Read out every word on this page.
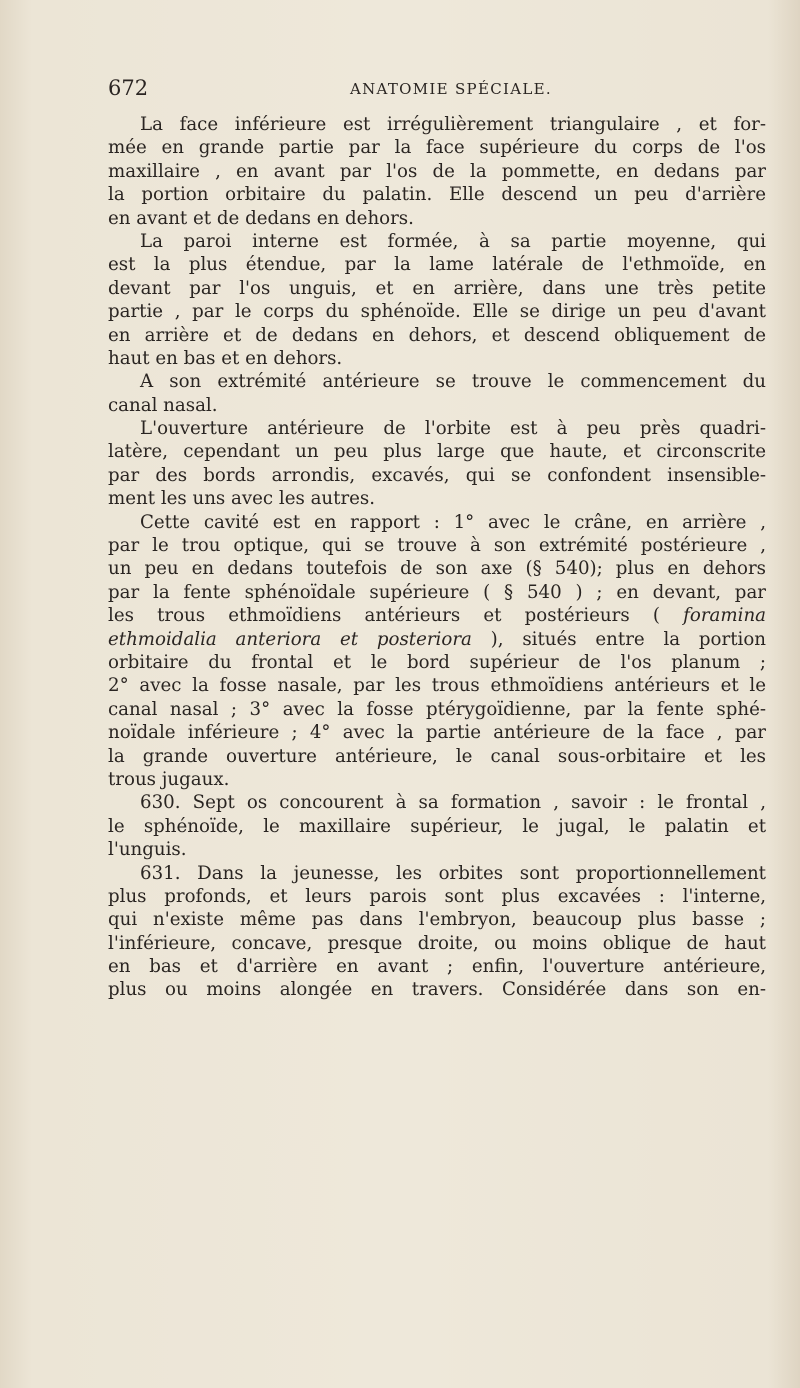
672	ANATOMIE SPÉCIALE.
La face inférieure est irrégulièrement triangulaire , et for-
mée en grande partie par la face supérieure du corps de l'os
maxillaire , en avant par l'os de la pommette, en dedans par
la portion orbitaire du palatin. Elle descend un peu d'arrière
en avant et de dedans en dehors.
La paroi interne est formée, à sa partie moyenne, qui
est la plus étendue, par la lame latérale de l'ethmoïde, en
devant par l'os unguis, et en arrière, dans une très petite
partie , par le corps du sphénoïde. Elle se dirige un peu d'avant
en arrière et de dedans en dehors, et descend obliquement de
haut en bas et en dehors.
A son extrémité antérieure se trouve le commencement du
canal nasal.
L'ouverture antérieure de l'orbite est à peu près quadri-
latère, cependant un peu plus large que haute, et circonscrite
par des bords arrondis, excavés, qui se confondent insensible-
ment les uns avec les autres.
Cette cavité est en rapport : 1° avec le crâne, en arrière ,
par le trou optique, qui se trouve à son extrémité postérieure ,
un peu en dedans toutefois de son axe (§ 540); plus en dehors
par la fente sphénoïdale supérieure ( § 540 ) ; en devant, par
les trous ethmoïdiens antérieurs et postérieurs ( foramina
ethmoidalia anteriora et posteriora ), situés entre la portion
orbitaire du frontal et le bord supérieur de l'os planum ;
2° avec la fosse nasale, par les trous ethmoïdiens antérieurs et le
canal nasal ; 3° avec la fosse ptérygoïdienne, par la fente sphé-
noïdale inférieure ; 4° avec la partie antérieure de la face , par
la grande ouverture antérieure, le canal sous-orbitaire et les
trous jugaux.
630. Sept os concourent à sa formation , savoir : le frontal ,
le sphénoïde, le maxillaire supérieur, le jugal, le palatin et
l'unguis.
631. Dans la jeunesse, les orbites sont proportionnellement
plus profonds, et leurs parois sont plus excavées : l'interne,
qui n'existe même pas dans l'embryon, beaucoup plus basse ;
l'inférieure, concave, presque droite, ou moins oblique de haut
en bas et d'arrière en avant ; enfin, l'ouverture antérieure,
plus ou moins alongée en travers. Considérée dans son en-
